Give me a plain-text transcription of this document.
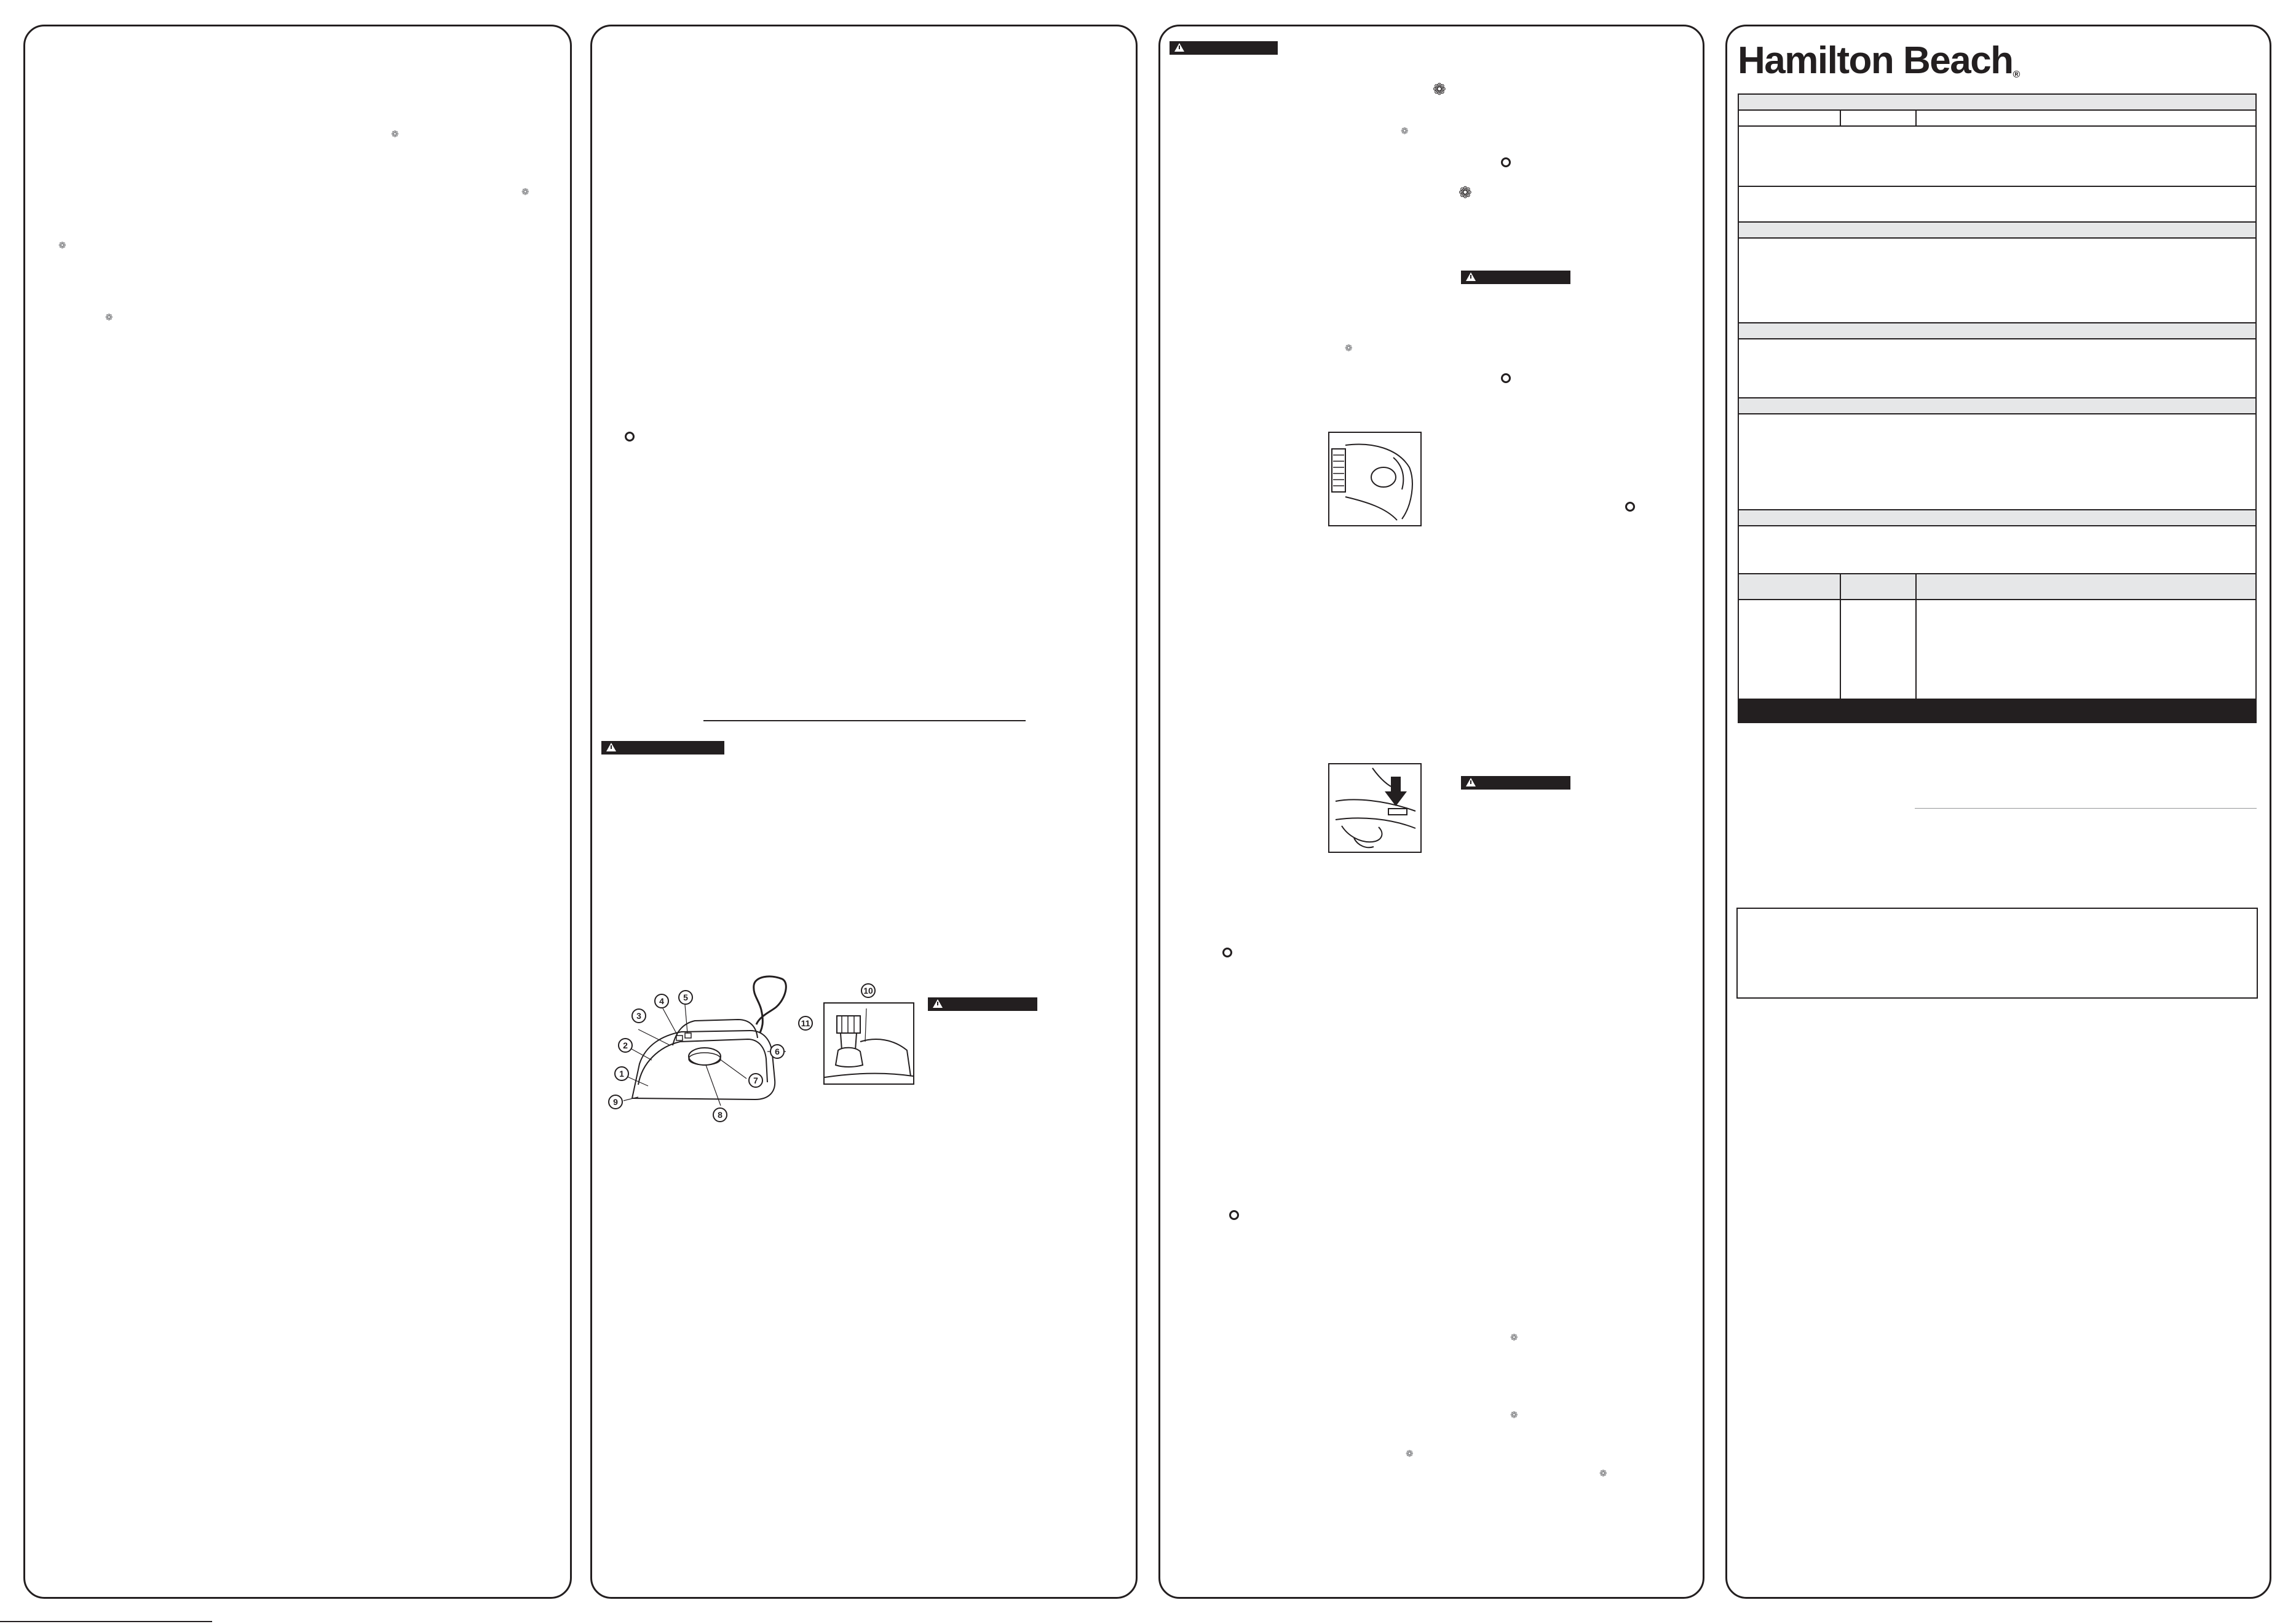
❁
❁
❁
❁
1
2
3
4	5
6
7
8
9
10
11
❁
❁
❁
❁
❁
❁
❁
❁
Hamilton Beach®
